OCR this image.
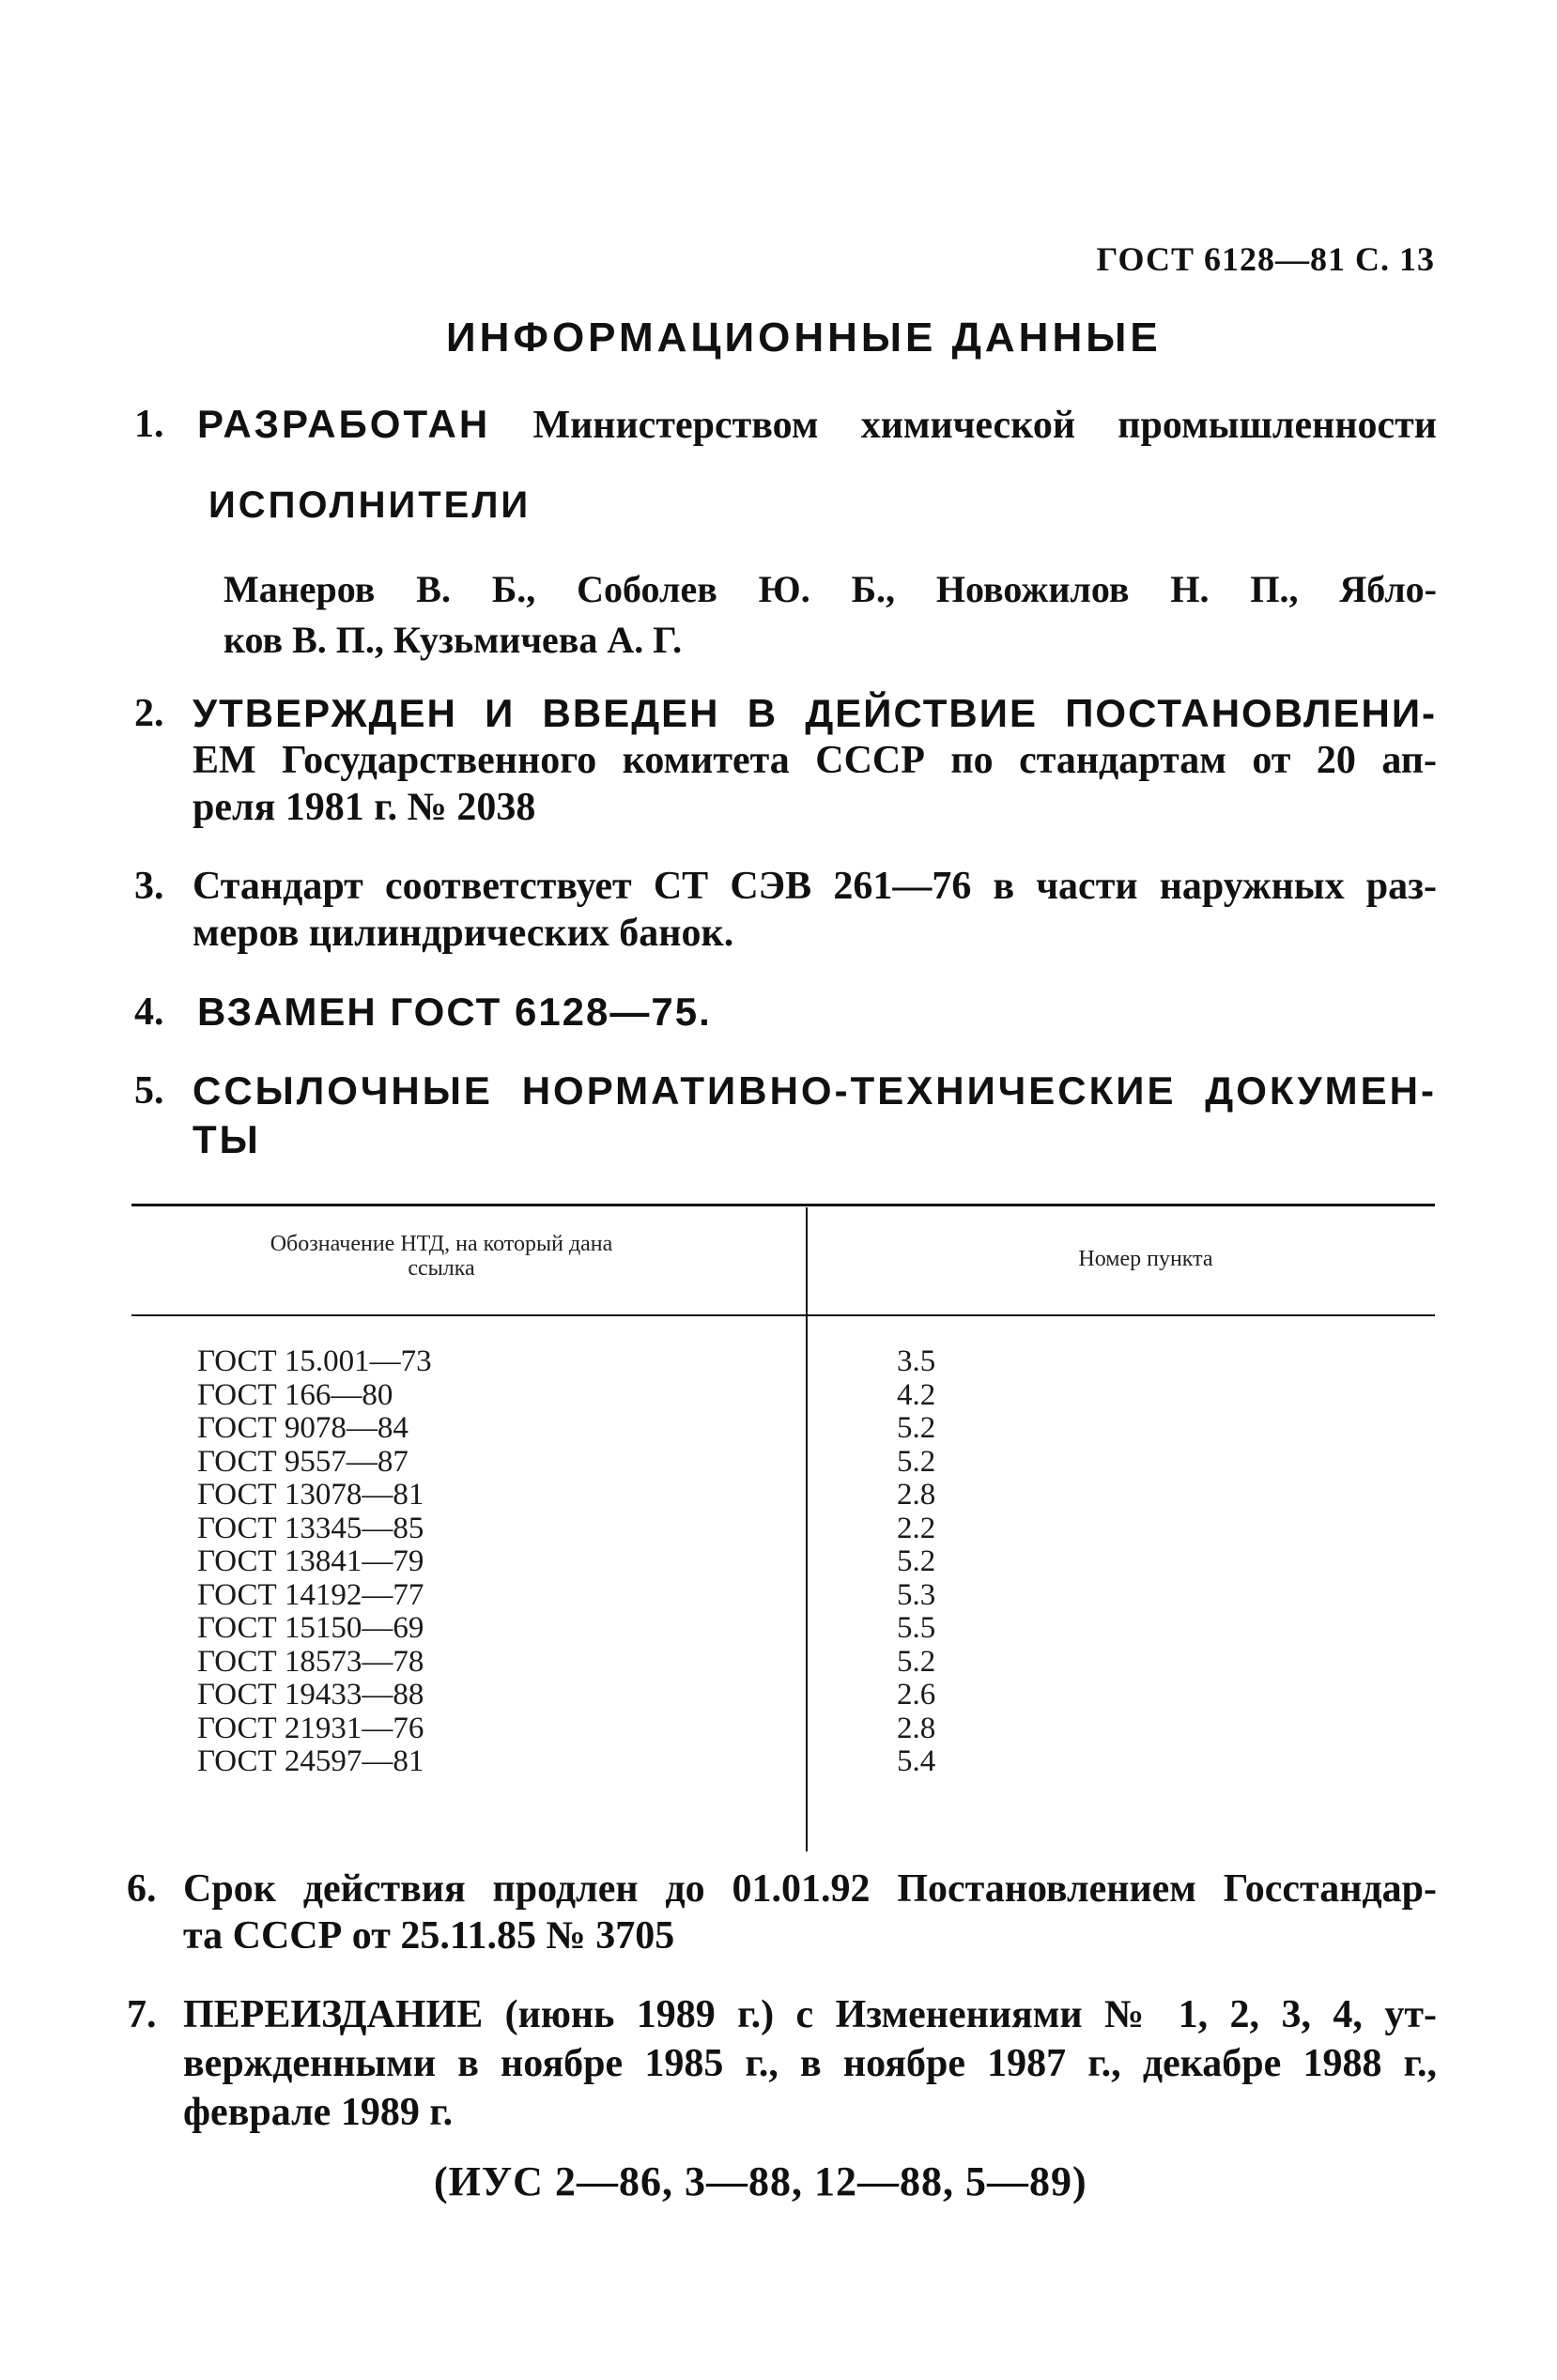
ГОСТ 6128—81 С. 13
ИНФОРМАЦИОННЫЕ ДАННЫЕ
1. РАЗРАБОТАН Министерством химической промышленности
ИСПОЛНИТЕЛИ
Манеров В. Б., Соболев Ю. Б., Новожилов Н. П., Ябло-
ков В. П., Кузьмичева А. Г.
2. УТВЕРЖДЕН И ВВЕДЕН В ДЕЙСТВИЕ ПОСТАНОВЛЕНИ-
ЕМ Государственного комитета СССР по стандартам от 20 ап-
реля 1981 г. № 2038
3. Стандарт соответствует СТ СЭВ 261—76 в части наружных раз-
меров цилиндрических банок.
4. ВЗАМЕН ГОСТ 6128—75.
5. ССЫЛОЧНЫЕ НОРМАТИВНО-ТЕХНИЧЕСКИЕ ДОКУМЕН-
ТЫ
Обозначение НТД, на который дана
ссылка	Номер пункта
ГОСТ 15.001—73	3.5
ГОСТ 166—80	4.2
ГОСТ 9078—84	5.2
ГОСТ 9557—87	5.2
ГОСТ 13078—81	2.8
ГОСТ 13345—85	2.2
ГОСТ 13841—79	5.2
ГОСТ 14192—77	5.3
ГОСТ 15150—69	5.5
ГОСТ 18573—78	5.2
ГОСТ 19433—88	2.6
ГОСТ 21931—76	2.8
ГОСТ 24597—81	5.4
6. Срок действия продлен до 01.01.92 Постановлением Госстандар-
та СССР от 25.11.85 № 3705
7. ПЕРЕИЗДАНИЕ (июнь 1989 г.) с Изменениями № 1, 2, 3, 4, ут-
вержденными в ноябре 1985 г., в ноябре 1987 г., декабре 1988 г.,
феврале 1989 г.
(ИУС 2—86, 3—88, 12—88, 5—89)
